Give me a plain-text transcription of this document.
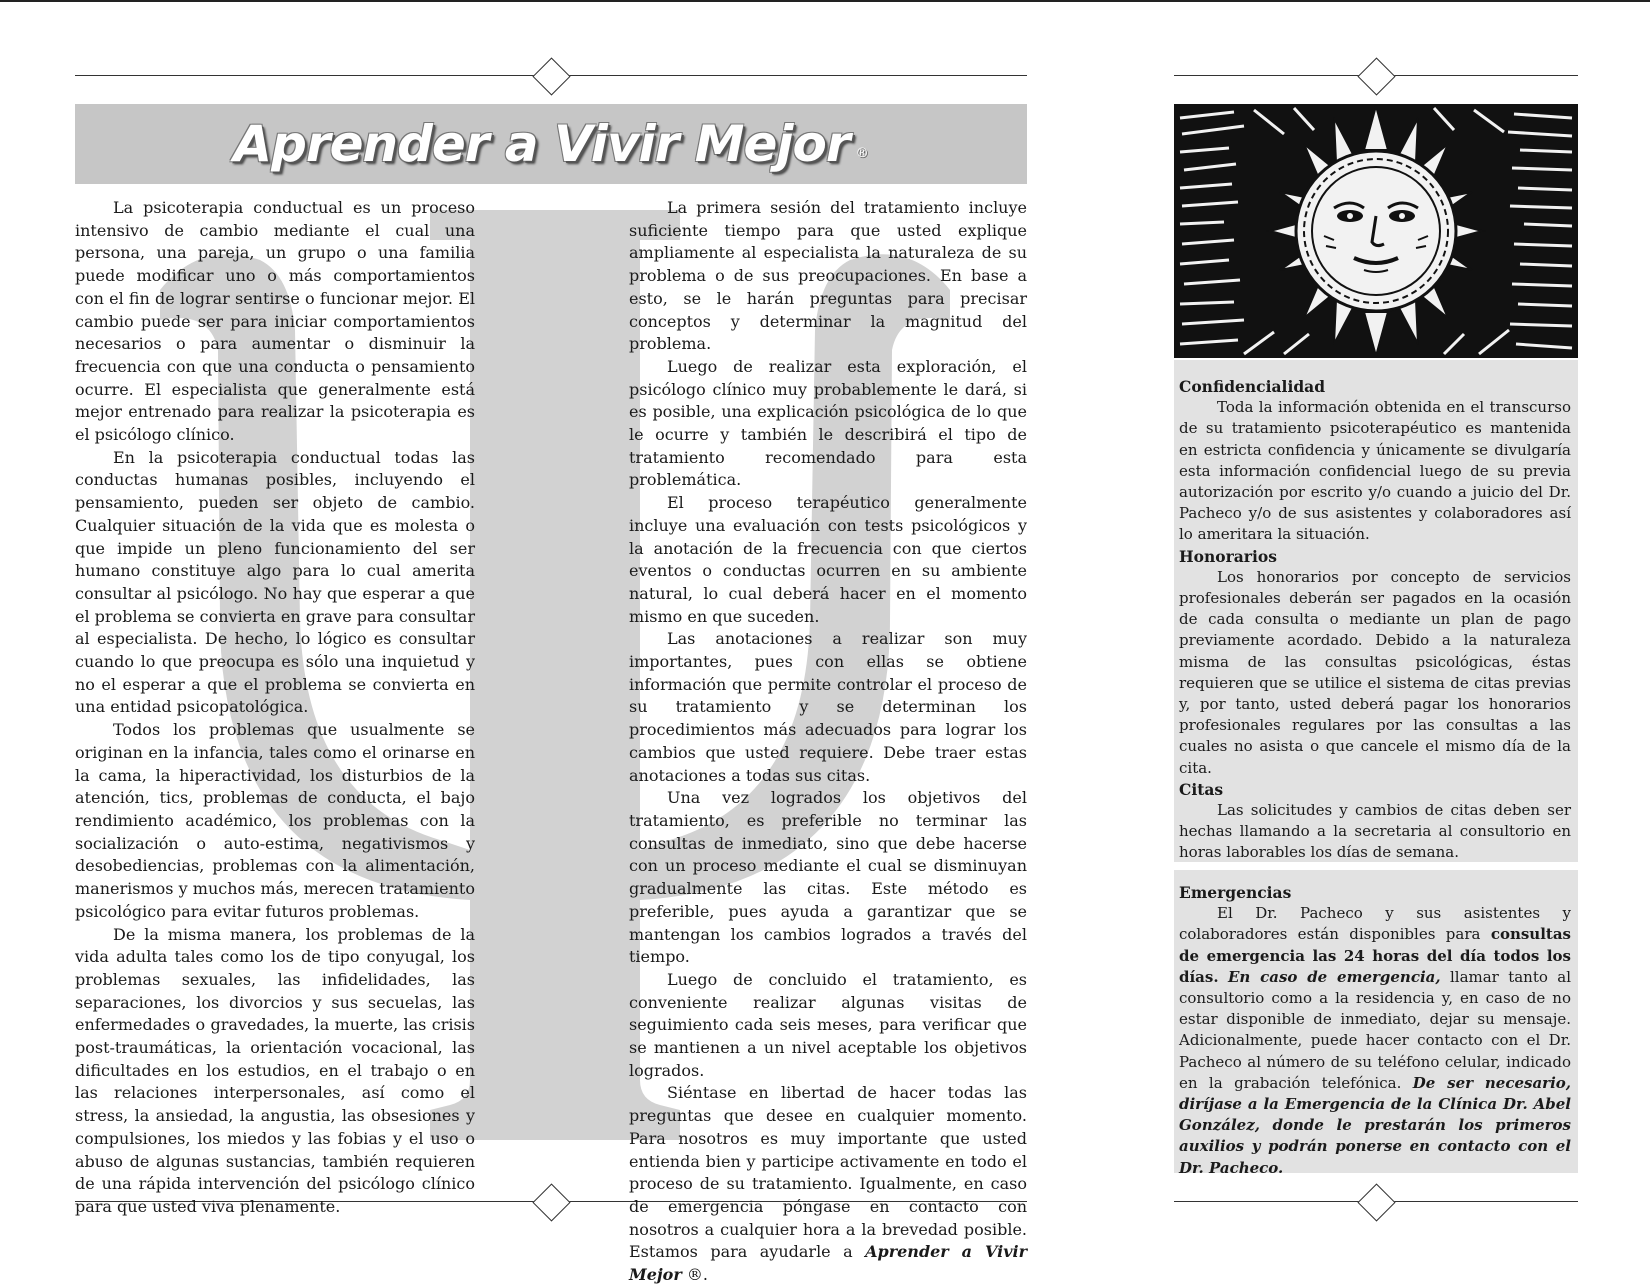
Aprender a Vivir Mejor ®

La psicoterapia conductual es un proceso intensivo de cambio mediante el cual una persona, una pareja, un grupo o una familia puede modificar uno o más comportamientos con el fin de lograr sentirse o funcionar mejor. El cambio puede ser para iniciar comportamientos necesarios o para aumentar o disminuir la frecuencia con que una conducta o pensamiento ocurre. El especialista que generalmente está mejor entrenado para realizar la psicoterapia es el psicólogo clínico.

En la psicoterapia conductual todas las conductas humanas posibles, incluyendo el pensamiento, pueden ser objeto de cambio. Cualquier situación de la vida que es molesta o que impide un pleno funcionamiento del ser humano constituye algo para lo cual amerita consultar al psicólogo. No hay que esperar a que el problema se convierta en grave para consultar al especialista. De hecho, lo lógico es consultar cuando lo que preocupa es sólo una inquietud y no el esperar a que el problema se convierta en una entidad psicopatológica.

Todos los problemas que usualmente se originan en la infancia, tales como el orinarse en la cama, la hiperactividad, los disturbios de la atención, tics, problemas de conducta, el bajo rendimiento académico, los problemas con la socialización o auto-estima, negativismos y desobediencias, problemas con la alimentación, manerismos y muchos más, merecen tratamiento psicológico para evitar futuros problemas.

De la misma manera, los problemas de la vida adulta tales como los de tipo conyugal, los problemas sexuales, las infidelidades, las separaciones, los divorcios y sus secuelas, las enfermedades o gravedades, la muerte, las crisis post-traumáticas, la orientación vocacional, las dificultades en los estudios, en el trabajo o en las relaciones interpersonales, así como el stress, la ansiedad, la angustia, las obsesiones y compulsiones, los miedos y las fobias y el uso o abuso de algunas sustancias, también requieren de una rápida intervención del psicólogo clínico para que usted viva plenamente.

La primera sesión del tratamiento incluye suficiente tiempo para que usted explique ampliamente al especialista la naturaleza de su problema o de sus preocupaciones. En base a esto, se le harán preguntas para precisar conceptos y determinar la magnitud del problema.

Luego de realizar esta exploración, el psicólogo clínico muy probablemente le dará, si es posible, una explicación psicológica de lo que le ocurre y también le describirá el tipo de tratamiento recomendado para esta problemática.

El proceso terapéutico generalmente incluye una evaluación con tests psicológicos y la anotación de la frecuencia con que ciertos eventos o conductas ocurren en su ambiente natural, lo cual deberá hacer en el momento mismo en que suceden.

Las anotaciones a realizar son muy importantes, pues con ellas se obtiene información que permite controlar el proceso de su tratamiento y se determinan los procedimientos más adecuados para lograr los cambios que usted requiere. Debe traer estas anotaciones a todas sus citas.

Una vez logrados los objetivos del tratamiento, es preferible no terminar las consultas de inmediato, sino que debe hacerse con un proceso mediante el cual se disminuyan gradualmente las citas. Este método es preferible, pues ayuda a garantizar que se mantengan los cambios logrados a través del tiempo.

Luego de concluido el tratamiento, es conveniente realizar algunas visitas de seguimiento cada seis meses, para verificar que se mantienen a un nivel aceptable los objetivos logrados.

Siéntase en libertad de hacer todas las preguntas que desee en cualquier momento. Para nosotros es muy importante que usted entienda bien y participe activamente en todo el proceso de su tratamiento. Igualmente, en caso de emergencia póngase en contacto con nosotros a cualquier hora a la brevedad posible. Estamos para ayudarle a Aprender a Vivir Mejor ®.

Confidencialidad

Toda la información obtenida en el transcurso de su tratamiento psicoterapéutico es mantenida en estricta confidencia y únicamente se divulgaría esta información confidencial luego de su previa autorización por escrito y/o cuando a juicio del Dr. Pacheco y/o de sus asistentes y colaboradores así lo ameritara la situación.

Honorarios

Los honorarios por concepto de servicios profesionales deberán ser pagados en la ocasión de cada consulta o mediante un plan de pago previamente acordado. Debido a la naturaleza misma de las consultas psicológicas, éstas requieren que se utilice el sistema de citas previas y, por tanto, usted deberá pagar los honorarios profesionales regulares por las consultas a las cuales no asista o que cancele el mismo día de la cita.

Citas

Las solicitudes y cambios de citas deben ser hechas llamando a la secretaria al consultorio en horas laborables los días de semana.

Emergencias

El Dr. Pacheco y sus asistentes y colaboradores están disponibles para consultas de emergencia las 24 horas del día todos los días. En caso de emergencia, llamar tanto al consultorio como a la residencia y, en caso de no estar disponible de inmediato, dejar su mensaje. Adicionalmente, puede hacer contacto con el Dr. Pacheco al número de su teléfono celular, indicado en la grabación telefónica. De ser necesario, diríjase a la Emergencia de la Clínica Dr. Abel González, donde le prestarán los primeros auxilios y podrán ponerse en contacto con el Dr. Pacheco.
